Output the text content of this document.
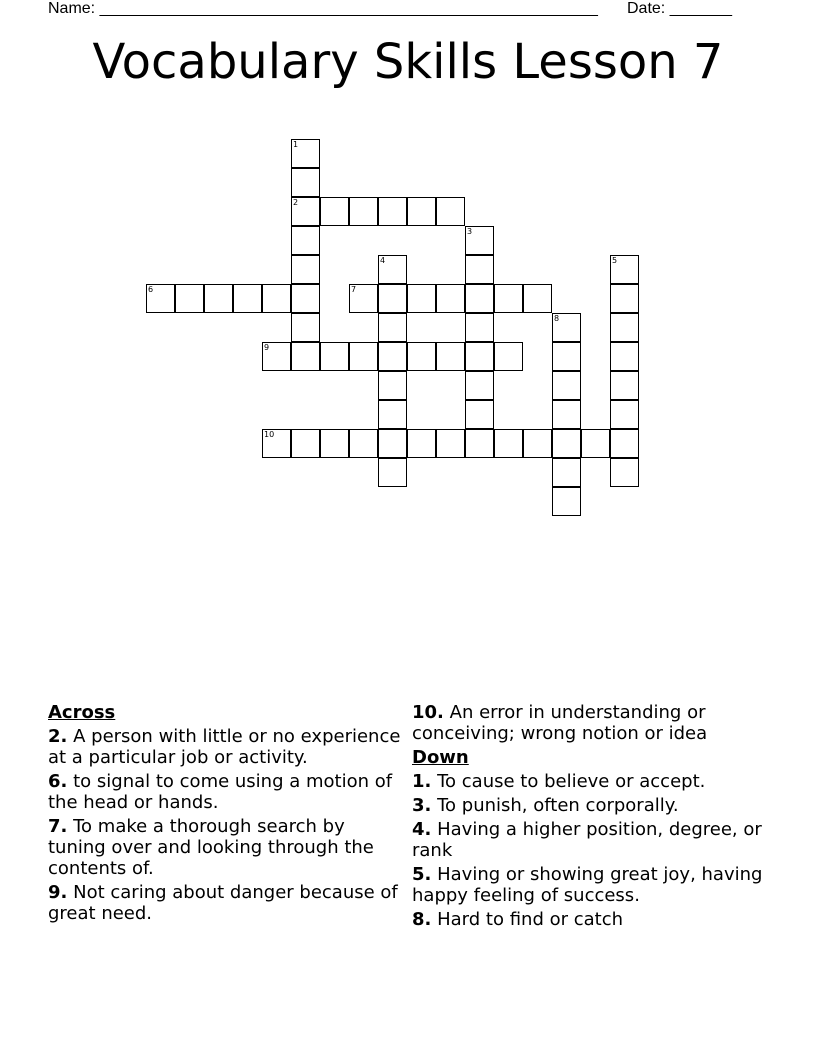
Name: ________________________________________________________ Date: _______
Vocabulary Skills Lesson 7
1
2
3
4	5
6	7
8
9
10
Across
2. A person with little or no experience at a particular job or activity.
6. to signal to come using a motion of the head or hands.
7. To make a thorough search by tuning over and looking through the contents of.
9. Not caring about danger because of great need.
10. An error in understanding or conceiving; wrong notion or idea
Down
1. To cause to believe or accept.
3. To punish, often corporally.
4. Having a higher position, degree, or rank
5. Having or showing great joy, having happy feeling of success.
8. Hard to find or catch
